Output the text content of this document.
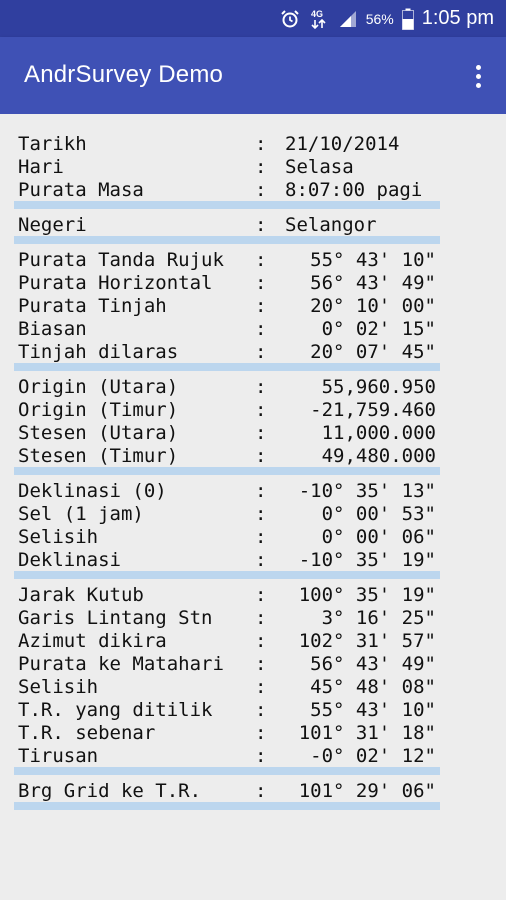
4G	56% 1:05 pm
AndrSurvey Demo
Tarikh	: 21/10/2014
Hari	: Selasa
Purata Masa	: 8:07:00 pagi
Negeri	: Selangor
Purata Tanda Rujuk	:	55° 43' 10"
Purata Horizontal	:	56° 43' 49"
Purata Tinjah	:	20° 10' 00"
Biasan	:	0° 02' 15"
Tinjah dilaras	:	20° 07' 45"
Origin (Utara)	:	55,960.950
Origin (Timur)	:	-21,759.460
Stesen (Utara)	:	11,000.000
Stesen (Timur)	:	49,480.000
Deklinasi (0)	:	-10° 35' 13"
Sel (1 jam)	:	0° 00' 53"
Selisih	:	0° 00' 06"
Deklinasi	:	-10° 35' 19"
Jarak Kutub	:	100° 35' 19"
Garis Lintang Stn	:	3° 16' 25"
Azimut dikira	:	102° 31' 57"
Purata ke Matahari	:	56° 43' 49"
Selisih	:	45° 48' 08"
T.R. yang ditilik	:	55° 43' 10"
T.R. sebenar	:	101° 31' 18"
Tirusan	:	-0° 02' 12"
Brg Grid ke T.R.	:	101° 29' 06"
